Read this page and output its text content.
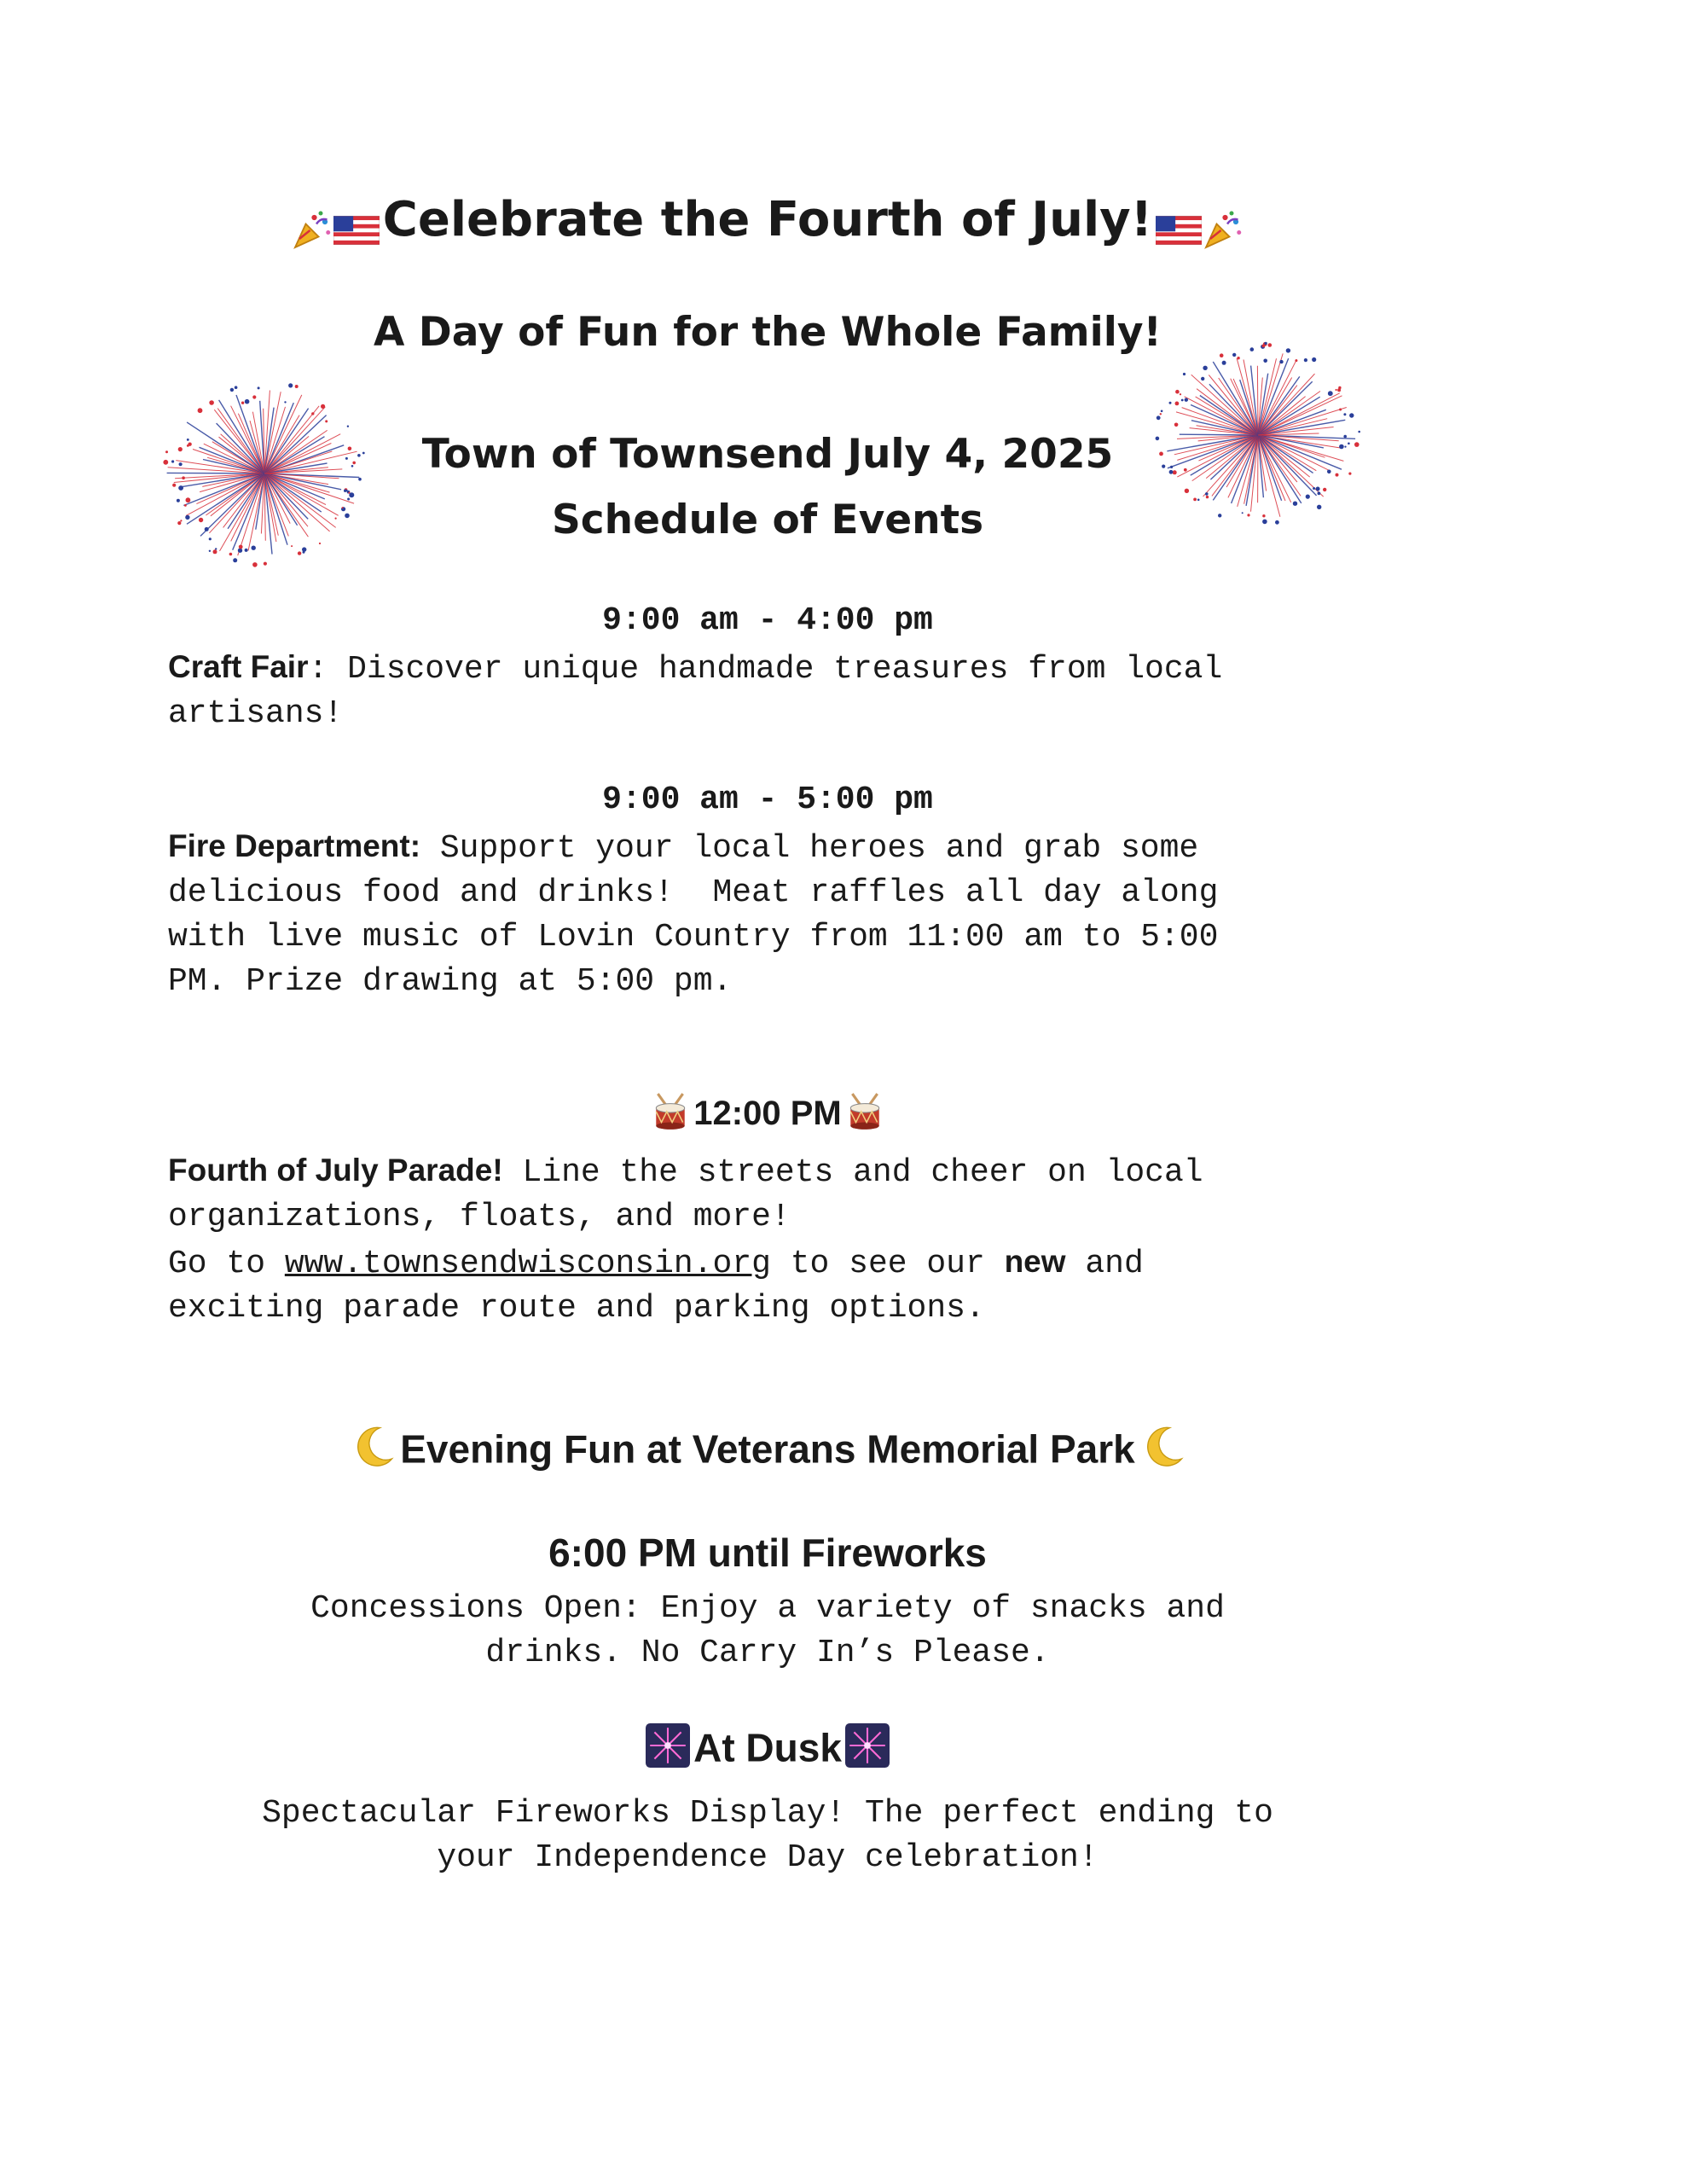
Celebrate the Fourth of July!
A Day of Fun for the Whole Family!
Town of Townsend July 4, 2025
Schedule of Events
9:00 am - 4:00 pm
Craft Fair: Discover unique handmade treasures from local
artisans!
9:00 am - 5:00 pm
Fire Department: Support your local heroes and grab some
delicious food and drinks!  Meat raffles all day along
with live music of Lovin Country from 11:00 am to 5:00
PM. Prize drawing at 5:00 pm.
12:00 PM
Fourth of July Parade! Line the streets and cheer on local
organizations, floats, and more!
Go to www.townsendwisconsin.org to see our new and
exciting parade route and parking options.
Evening Fun at Veterans Memorial Park
6:00 PM until Fireworks
Concessions Open: Enjoy a variety of snacks and
drinks. No Carry In’s Please.
At Dusk
Spectacular Fireworks Display! The perfect ending to
your Independence Day celebration!
